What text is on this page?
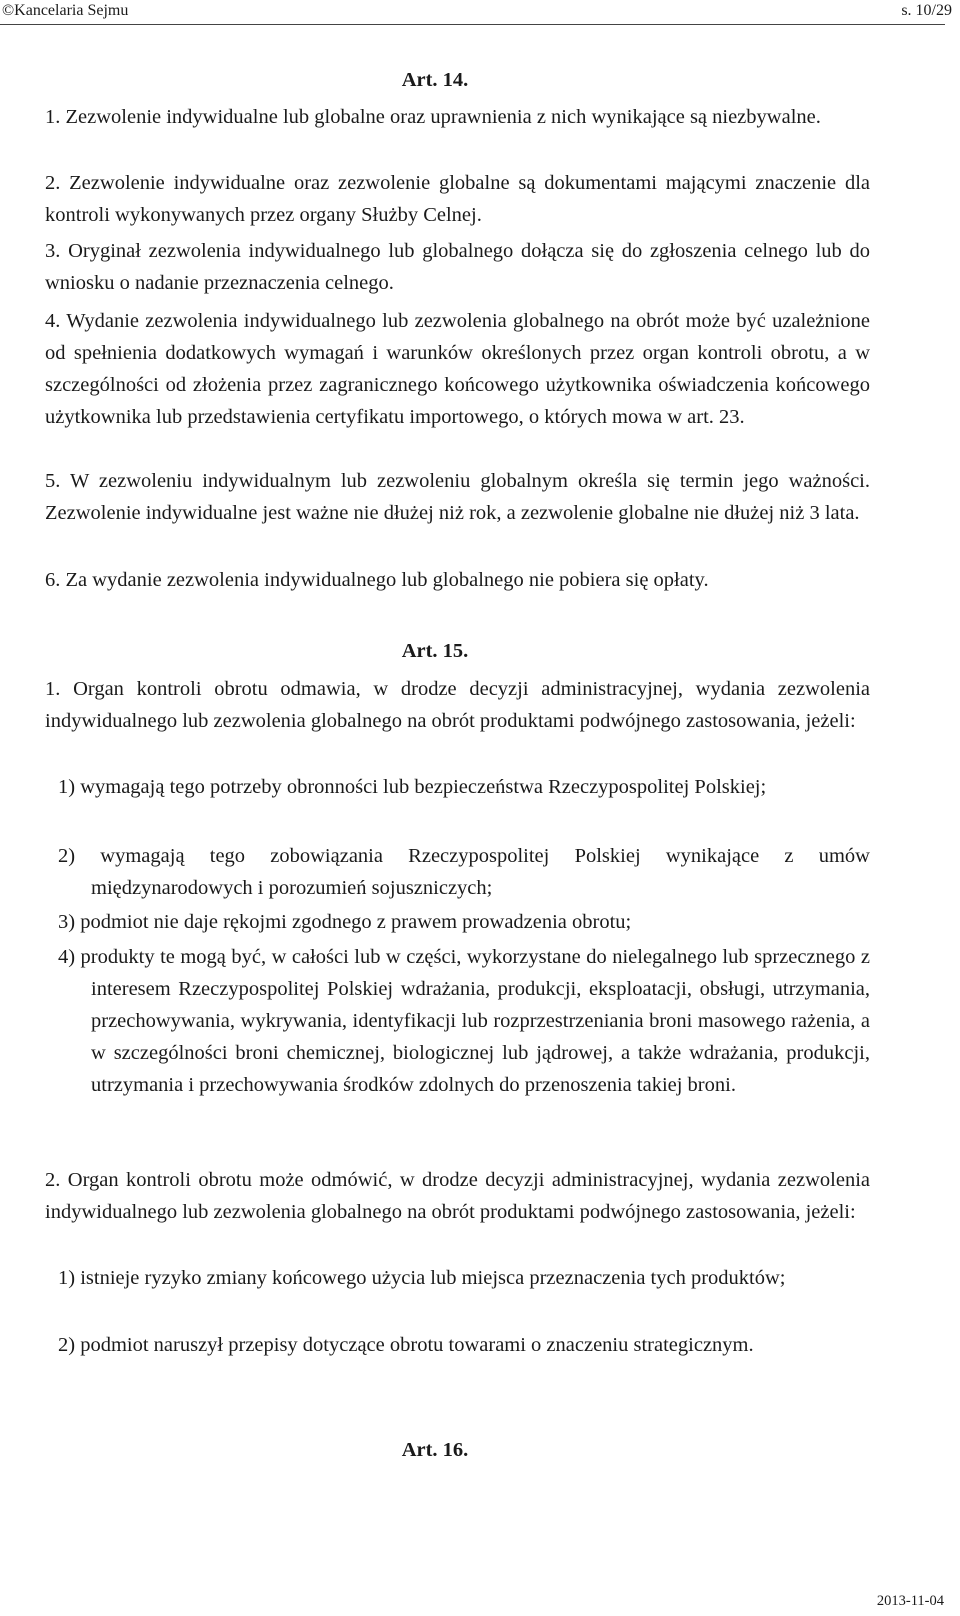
©Kancelaria Sejmu	s. 10/29
Art. 14.
1. Zezwolenie indywidualne lub globalne oraz uprawnienia z nich wynikające są niezbywalne.
2. Zezwolenie indywidualne oraz zezwolenie globalne są dokumentami mającymi znaczenie dla kontroli wykonywanych przez organy Służby Celnej.
3. Oryginał zezwolenia indywidualnego lub globalnego dołącza się do zgłoszenia celnego lub do wniosku o nadanie przeznaczenia celnego.
4. Wydanie zezwolenia indywidualnego lub zezwolenia globalnego na obrót może być uzależnione od spełnienia dodatkowych wymagań i warunków określonych przez organ kontroli obrotu, a w szczególności od złożenia przez zagranicznego końcowego użytkownika oświadczenia końcowego użytkownika lub przedstawienia certyfikatu importowego, o których mowa w art. 23.
5. W zezwoleniu indywidualnym lub zezwoleniu globalnym określa się termin jego ważności. Zezwolenie indywidualne jest ważne nie dłużej niż rok, a zezwolenie globalne nie dłużej niż 3 lata.
6. Za wydanie zezwolenia indywidualnego lub globalnego nie pobiera się opłaty.
Art. 15.
1. Organ kontroli obrotu odmawia, w drodze decyzji administracyjnej, wydania zezwolenia indywidualnego lub zezwolenia globalnego na obrót produktami podwójnego zastosowania, jeżeli:
1) wymagają tego potrzeby obronności lub bezpieczeństwa Rzeczypospolitej Polskiej;
2) wymagają tego zobowiązania Rzeczypospolitej Polskiej wynikające z umów międzynarodowych i porozumień sojuszniczych;
3) podmiot nie daje rękojmi zgodnego z prawem prowadzenia obrotu;
4) produkty te mogą być, w całości lub w części, wykorzystane do nielegalnego lub sprzecznego z interesem Rzeczypospolitej Polskiej wdrażania, produkcji, eksploatacji, obsługi, utrzymania, przechowywania, wykrywania, identyfikacji lub rozprzestrzeniania broni masowego rażenia, a w szczególności broni chemicznej, biologicznej lub jądrowej, a także wdrażania, produkcji, utrzymania i przechowywania środków zdolnych do przenoszenia takiej broni.
2. Organ kontroli obrotu może odmówić, w drodze decyzji administracyjnej, wydania zezwolenia indywidualnego lub zezwolenia globalnego na obrót produktami podwójnego zastosowania, jeżeli:
1) istnieje ryzyko zmiany końcowego użycia lub miejsca przeznaczenia tych produktów;
2) podmiot naruszył przepisy dotyczące obrotu towarami o znaczeniu strategicznym.
Art. 16.
2013-11-04
